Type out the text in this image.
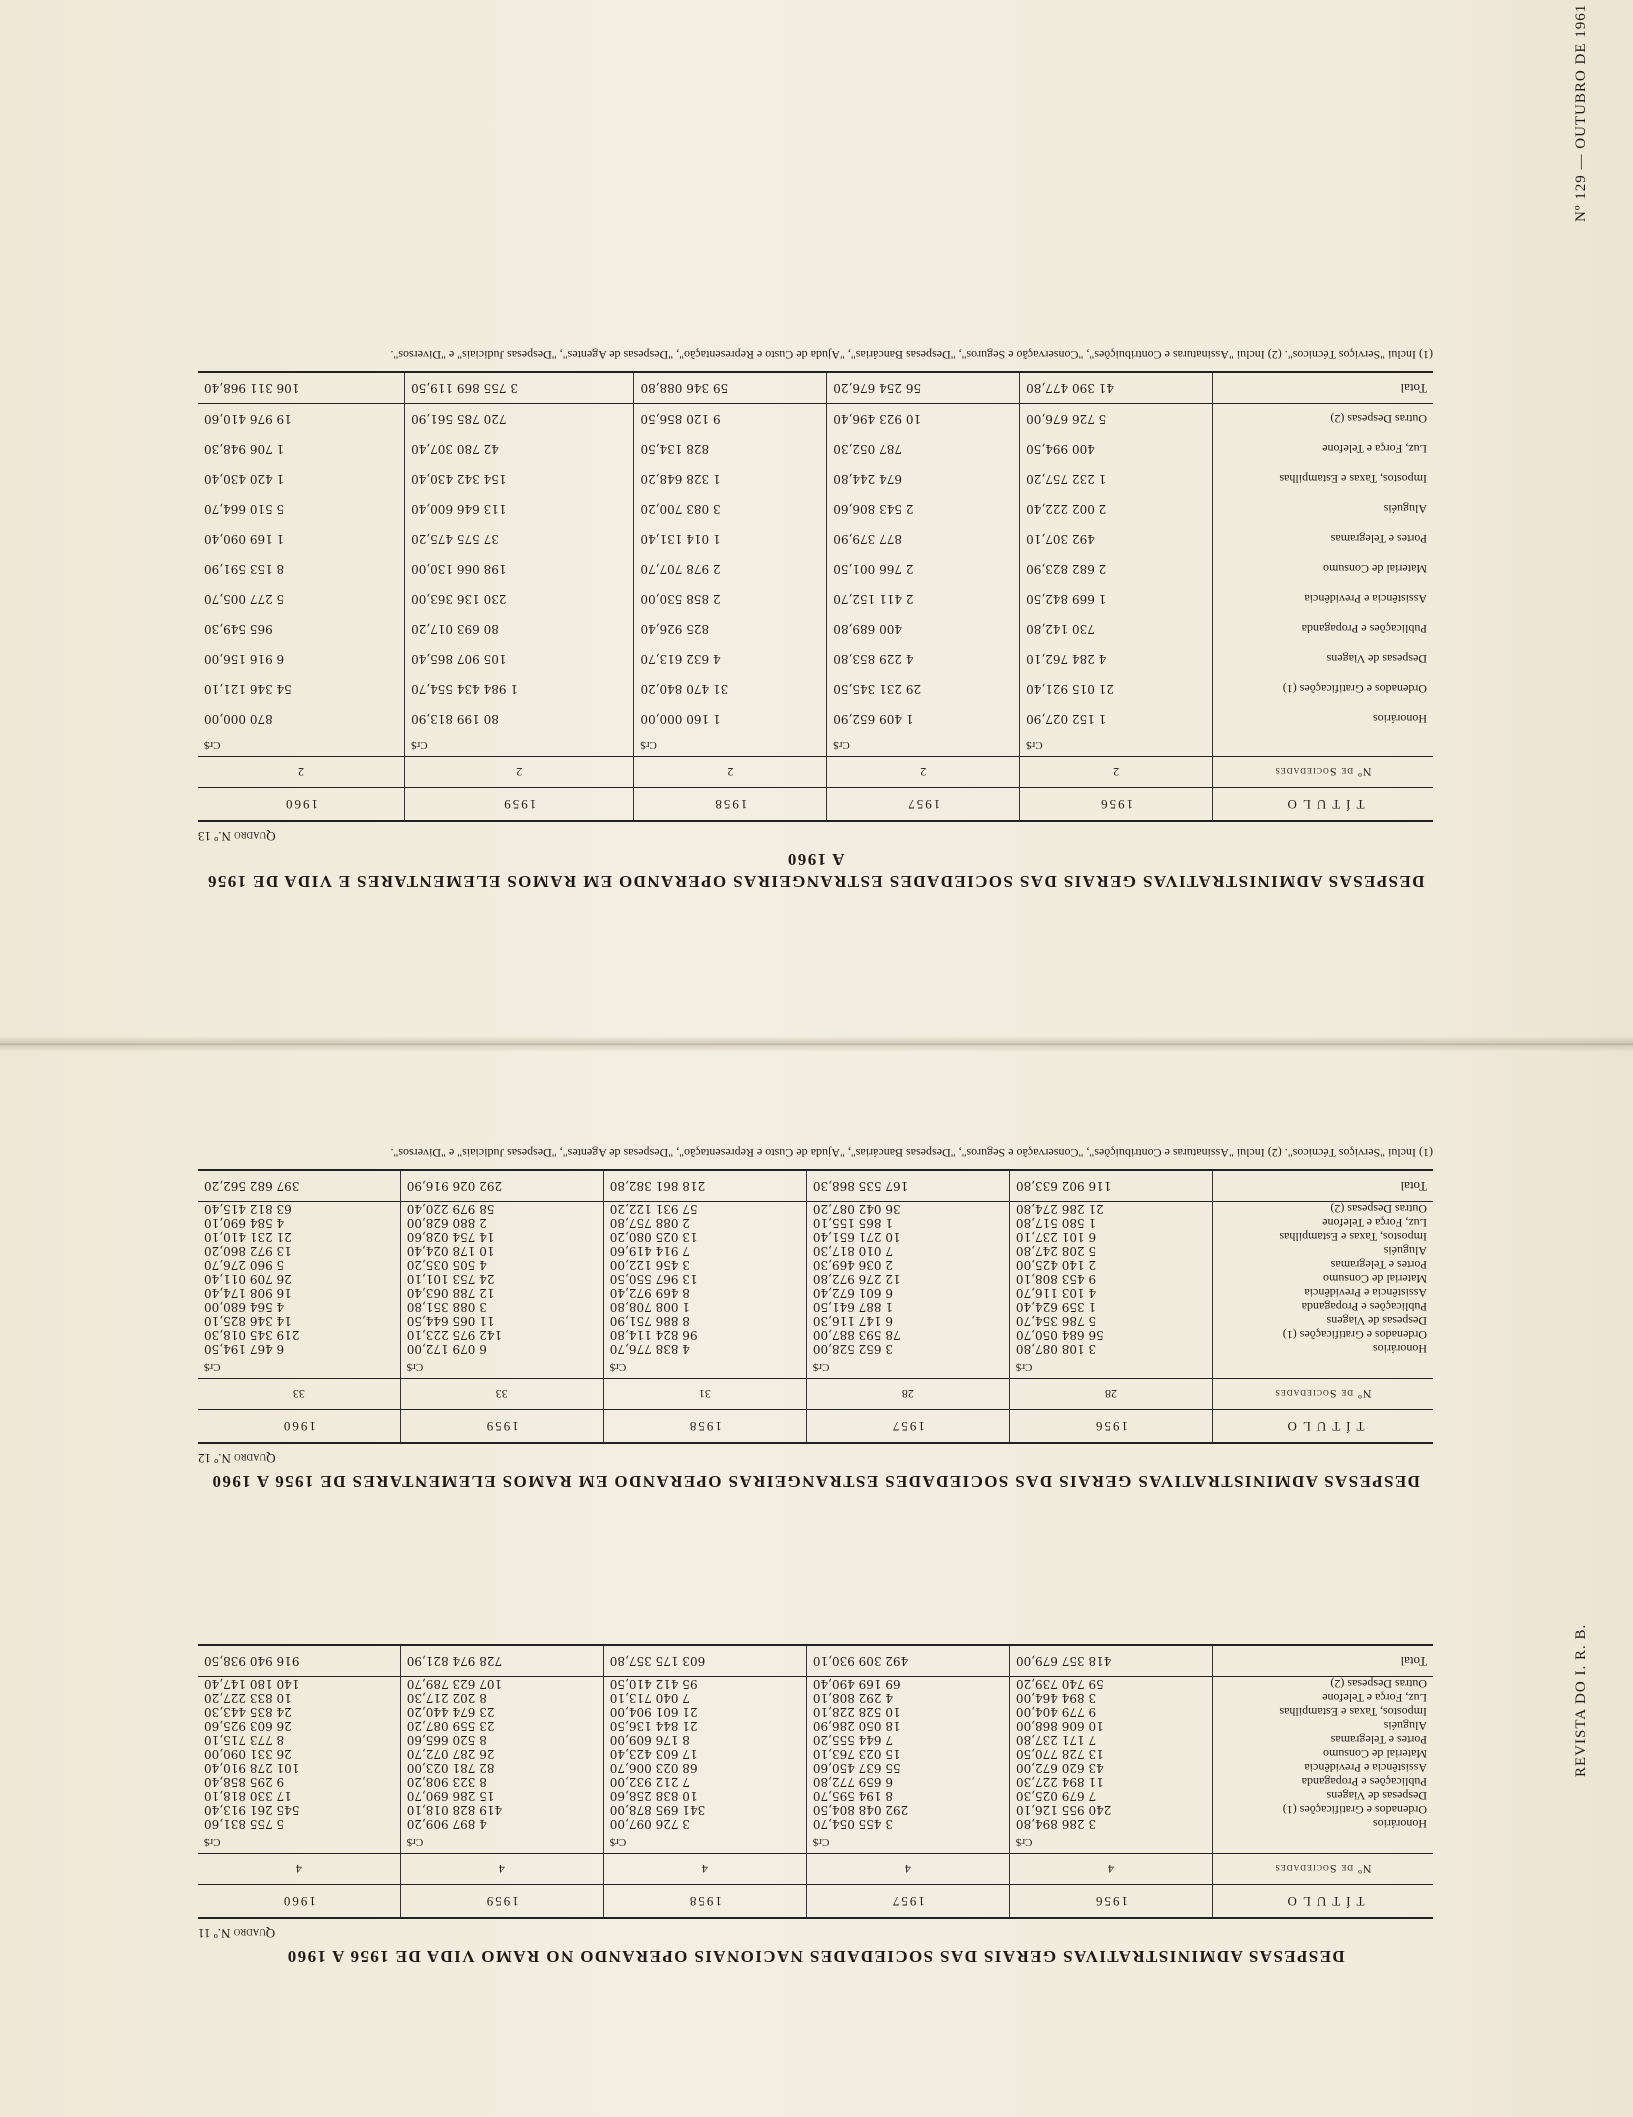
Nº 129 — OUTUBRO DE 1961
REVISTA DO I. R. B.

DESPESAS ADMINISTRATIVAS GERAIS DAS SOCIEDADES NACIONAIS OPERANDO NO RAMO VIDA DE 1956 A 1960

Quadro N.º 11
TÍTULO	1956	1957	1958	1959	1960
Nº de Sociedades	4	4	4	4	4
	Cr$	Cr$	Cr$	Cr$	Cr$
Honorários	3 286 894,80	3 455 054,70	3 726 097,00	4 897 909,20	5 755 831,60
Ordenados e Gratificações (1)	240 955 126,10	292 048 804,50	341 695 878,00	419 828 018,10	545 261 913,40
Despesas de Viagens	7 679 025,30	8 194 595,70	10 838 258,60	15 286 690,70	17 330 818,10
Publicações e Propaganda	11 894 227,30	6 659 772,80	7 212 932,00	8 323 908,20	9 295 858,40
Assistência e Previdência	43 620 672,00	55 637 450,60	68 023 006,70	82 781 023,00	101 278 910,40
Material de Consumo	13 728 770,50	15 023 763,10	17 603 423,40	26 287 072,70	26 331 090,00
Portes e Telegramas	7 171 237,80	7 644 555,20	8 176 609,00	8 520 665,60	8 773 715,10
Aluguéis	10 606 868,00	18 050 286,90	21 844 136,50	23 559 087,20	26 603 925,60
Impostos, Taxas e Estampilhas	9 779 404,00	10 528 228,10	21 601 904,00	23 674 440,20	24 835 443,30
Luz, Força e Telefone	3 894 464,00	4 292 808,10	7 040 713,10	8 202 217,30	10 833 227,20
Outras Despesas (2)	59 740 739,20	69 169 490,40	95 412 410,50	107 623 789,70	140 180 147,40
Total	418 357 679,00	492 309 930,10	603 175 357,80	728 974 821,90	916 940 938,50

DESPESAS ADMINISTRATIVAS GERAIS DAS SOCIEDADES ESTRANGEIRAS OPERANDO EM RAMOS ELEMENTARES DE 1956 A 1960

Quadro N.º 12
TÍTULO	1956	1957	1958	1959	1960
Nº de Sociedades	28	28	31	33	33
	Cr$	Cr$	Cr$	Cr$	Cr$
Honorários	3 108 087,80	3 652 528,00	4 838 776,70	6 079 172,00	6 467 194,50
Ordenados e Gratificações (1)	56 684 050,70	78 593 887,00	96 824 114,80	142 975 223,10	219 345 018,30
Despesas de Viagens	5 786 354,70	6 147 116,30	8 886 751,90	11 065 644,50	14 346 825,10
Publicações e Propaganda	1 359 624,40	1 887 641,50	1 008 708,80	3 088 351,80	4 564 680,00
Assistência e Previdência	4 103 116,70	6 601 672,40	8 469 972,40	12 788 063,40	16 908 174,40
Material de Consumo	9 453 808,10	12 276 972,80	13 967 550,50	24 753 101,10	26 709 011,40
Portes e Telegramas	2 140 425,00	2 036 469,30	3 456 122,00	4 505 035,20	5 960 276,70
Aluguéis	5 208 247,80	7 010 817,30	7 914 419,60	10 178 024,40	13 972 860,20
Impostos, Taxas e Estampilhas	6 101 237,10	10 271 651,40	13 025 080,20	14 754 028,60	21 231 410,10
Luz, Força e Telefone	1 580 517,80	1 865 155,10	2 088 757,80	2 880 628,00	4 584 690,10
Outras Despesas (2)	21 286 274,80	36 042 087,20	57 931 122,20	58 979 220,40	63 812 415,40
Total	116 902 633,80	167 535 868,30	218 861 382,80	292 026 916,90	397 682 562,20
(1) Inclui "Serviços Técnicos". (2) Inclui "Assinaturas e Contribuições", "Conservação e Seguros", "Despesas Bancárias", "Ajuda de Custo e Representação", "Despesas de Agentes", "Despesas Judiciais" e "Diversos".

DESPESAS ADMINISTRATIVAS GERAIS DAS SOCIEDADES ESTRANGEIRAS OPERANDO EM RAMOS ELEMENTARES E VIDA DE 1956 A 1960

Quadro N.º 13
TÍTULO	1956	1957	1958	1959	1960
Nº de Sociedades	2	2	2	2	2
	Cr$	Cr$	Cr$	Cr$	Cr$
Honorários	1 152 027,90	1 409 652,90	1 160 000,00	80 199 813,90	870 000,00
Ordenados e Gratificações (1)	21 015 921,40	29 231 345,50	31 470 840,20	1 984 434 554,70	54 346 121,10
Despesas de Viagens	4 284 762,10	4 229 853,80	4 632 613,70	105 907 865,40	6 916 156,00
Publicações e Propaganda	730 142,80	400 689,80	825 926,40	80 693 017,20	965 549,30
Assistência e Previdência	1 669 842,50	2 411 152,70	2 858 530,00	230 136 363,00	5 277 005,70
Material de Consumo	2 682 823,90	2 766 001,50	2 978 707,70	198 066 130,00	8 153 591,90
Portes e Telegramas	492 307,10	877 379,90	1 014 131,40	37 575 475,20	1 169 090,40
Aluguéis	2 002 222,40	2 543 806,60	3 083 700,20	113 646 600,40	5 510 664,70
Impostos, Taxas e Estampilhas	1 232 757,20	674 244,80	1 328 648,20	154 342 430,40	1 420 430,40
Luz, Força e Telefone	400 994,50	787 052,30	828 134,50	42 780 307,40	1 706 948,30
Outras Despesas (2)	5 726 676,00	10 923 496,40	9 120 856,50	720 785 561,90	19 976 410,60
Total	41 390 477,80	56 254 676,20	59 346 088,80	3 755 869 119,50	106 311 968,40
(1) Inclui "Serviços Técnicos". (2) Inclui "Assinaturas e Contribuições", "Conservação e Seguros", "Despesas Bancárias", "Ajuda de Custo e Representação", "Despesas de Agentes", "Despesas Judiciais" e "Diversos".
